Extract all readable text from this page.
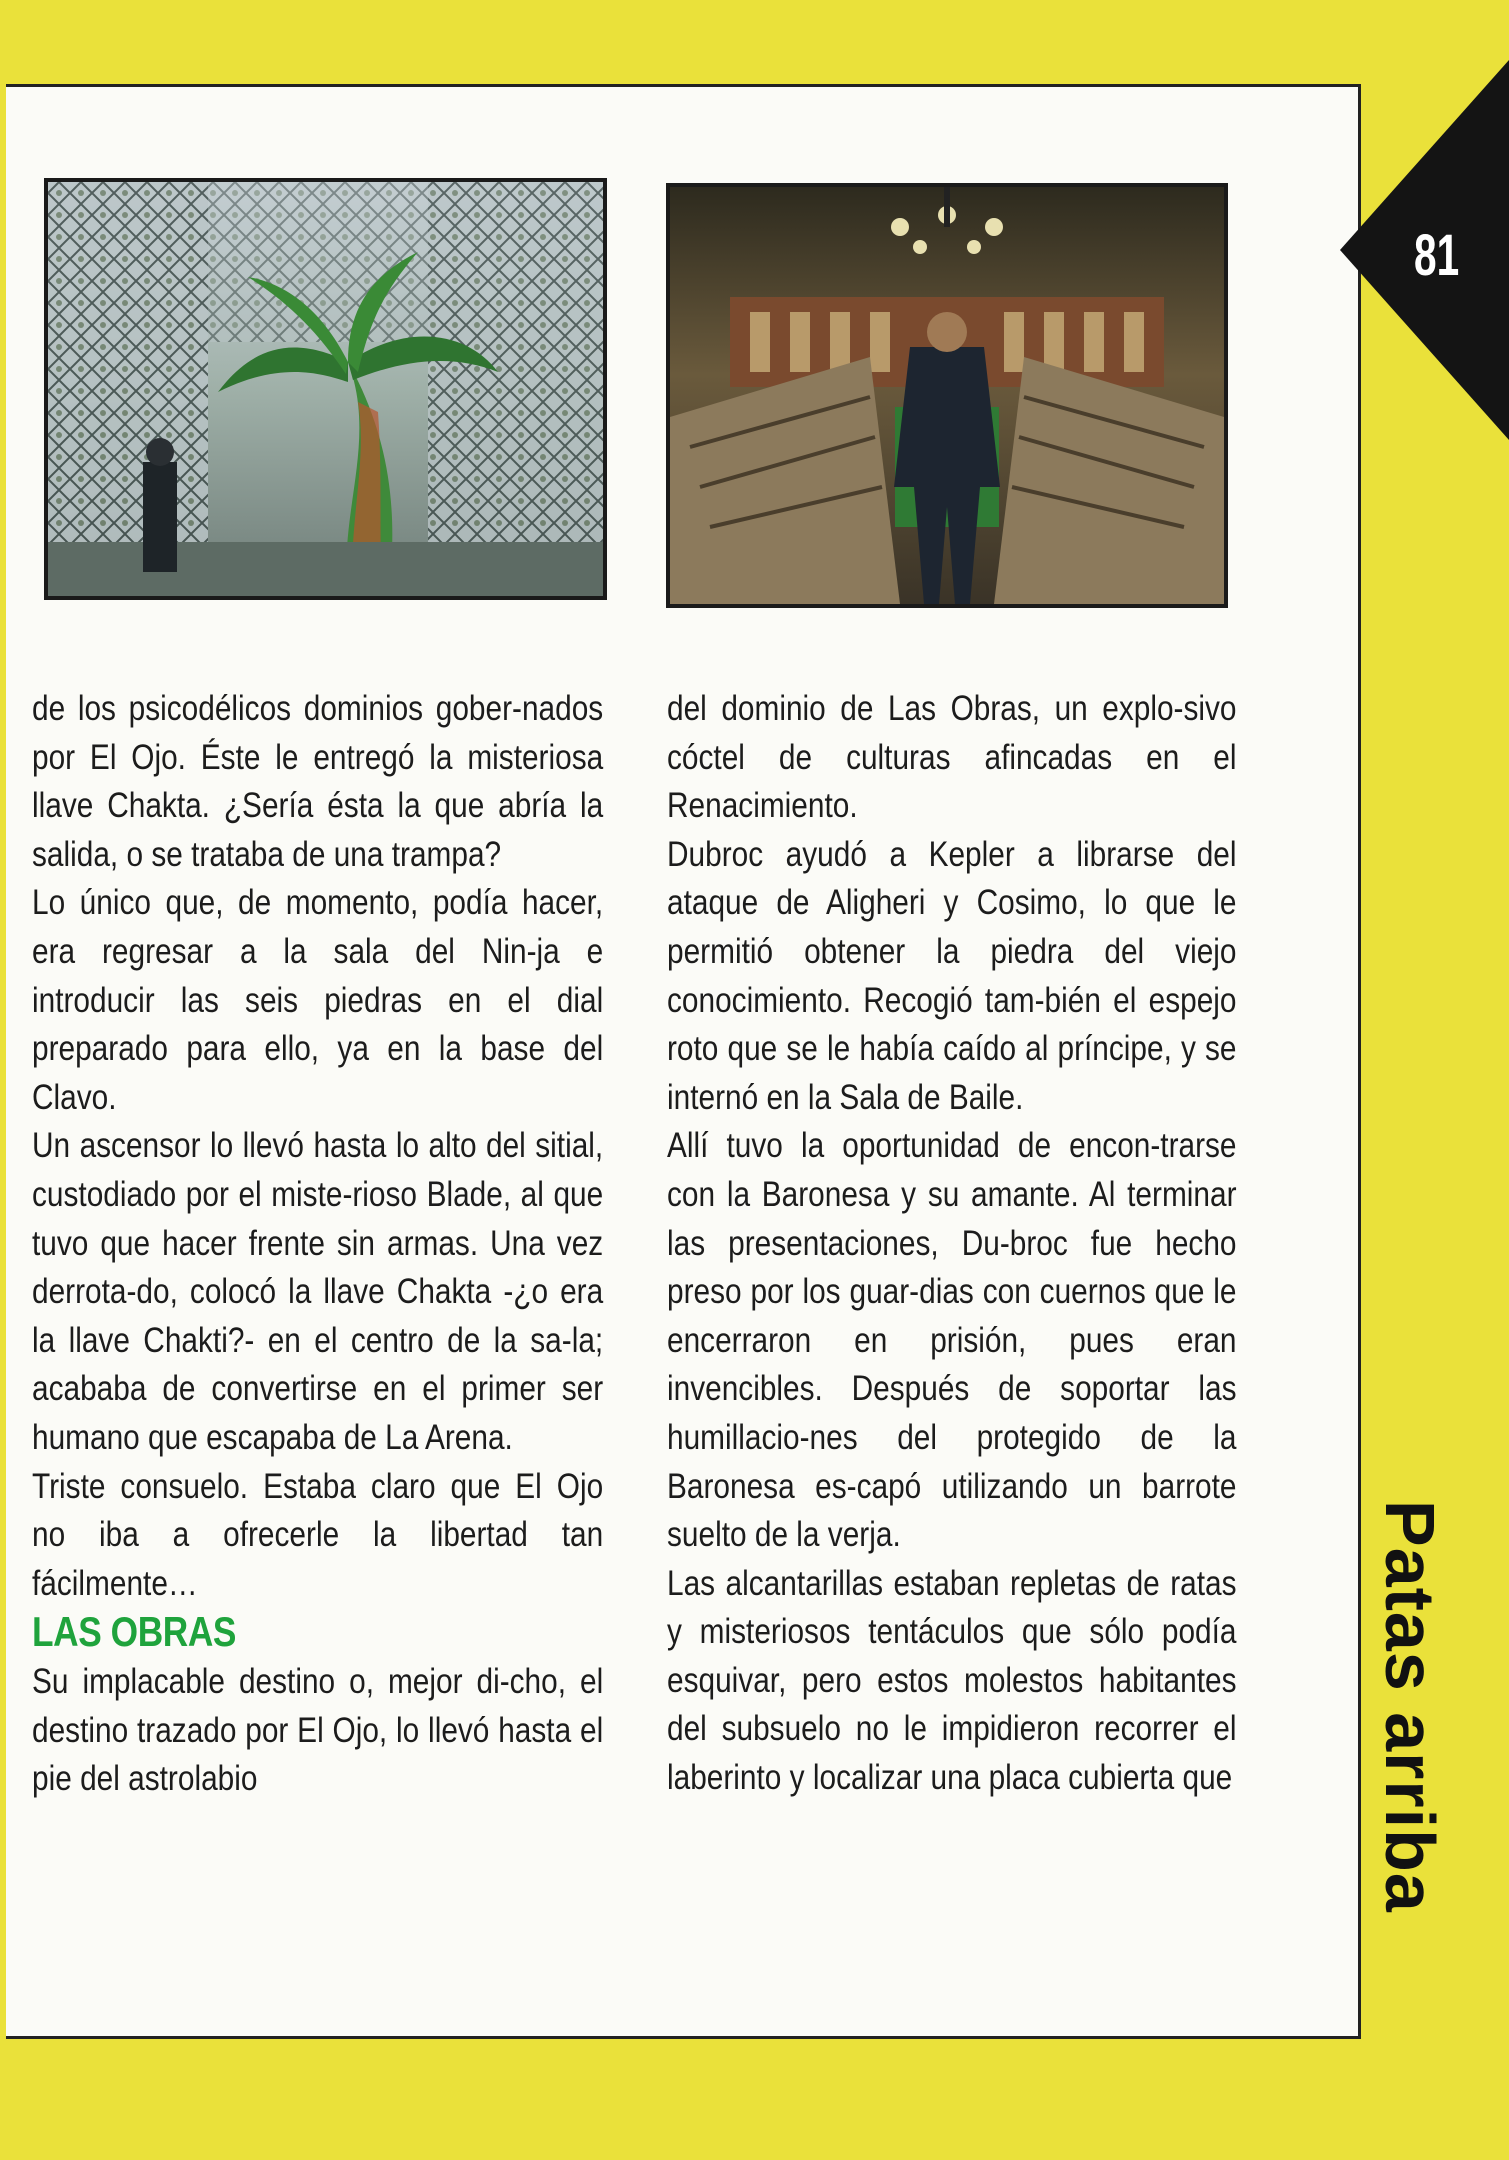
de los psicodélicos dominios gober-nados por El Ojo. Éste le entregó la misteriosa llave Chakta. ¿Sería ésta la que abría la salida, o se trataba de una trampa?

Lo único que, de momento, podía hacer, era regresar a la sala del Nin-ja e introducir las seis piedras en el dial preparado para ello, ya en la base del Clavo.

Un ascensor lo llevó hasta lo alto del sitial, custodiado por el miste-rioso Blade, al que tuvo que hacer frente sin armas. Una vez derrota-do, colocó la llave Chakta -¿o era la llave Chakti?- en el centro de la sa-la; acababa de convertirse en el primer ser humano que escapaba de La Arena.

Triste consuelo. Estaba claro que El Ojo no iba a ofrecerle la libertad tan fácilmente…

LAS OBRAS

Su implacable destino o, mejor di-cho, el destino trazado por El Ojo, lo llevó hasta el pie del astrolabio

del dominio de Las Obras, un explo-sivo cóctel de culturas afincadas en el Renacimiento.

Dubroc ayudó a Kepler a librarse del ataque de Aligheri y Cosimo, lo que le permitió obtener la piedra del viejo conocimiento. Recogió tam-bién el espejo roto que se le había caído al príncipe, y se internó en la Sala de Baile.

Allí tuvo la oportunidad de encon-trarse con la Baronesa y su amante. Al terminar las presentaciones, Du-broc fue hecho preso por los guar-dias con cuernos que le encerraron en prisión, pues eran invencibles. Después de soportar las humillacio-nes del protegido de la Baronesa es-capó utilizando un barrote suelto de la verja.

Las alcantarillas estaban repletas de ratas y misteriosos tentáculos que sólo podía esquivar, pero estos molestos habitantes del subsuelo no le impidieron recorrer el laberinto y localizar una placa cubierta que

81
Patas arriba
